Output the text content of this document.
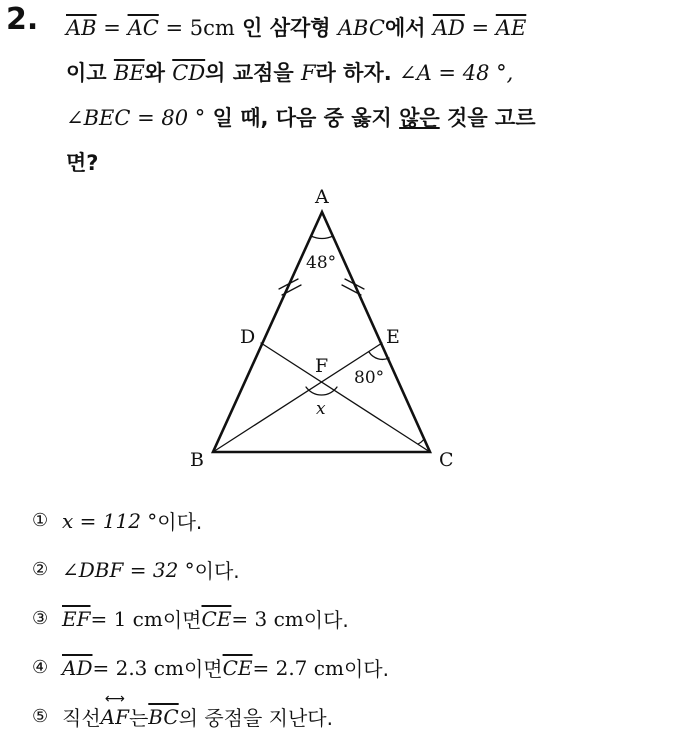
2. $\overline{AB} = \overline{AC} = 5cm$ 인 삼각형 ABC에서 $\overline{AD} = \overline{AE}$
이고 $\overline{BE}$와 $\overline{CD}$의 교점을 F라 하자. ∠A = 48 °,
∠BEC = 80 ° 일 때, 다음 중 옳지 않은 것을 고르
면?
A
B	C
D	E
F
48°
80°
x
① x = 112 ° 이다.
② ∠DBF = 32 ° 이다.
③ $\overline{EF} = 1$ cm 이면 $\overline{CE} = 3$ cm 이다.
④ $\overline{AD} = 2.3$ cm 이면 $\overline{CE} = 2.7$ cm 이다.
⑤ 직선
⟷
AF 는 $\overline{BC}$ 의 중점을 지난다.
